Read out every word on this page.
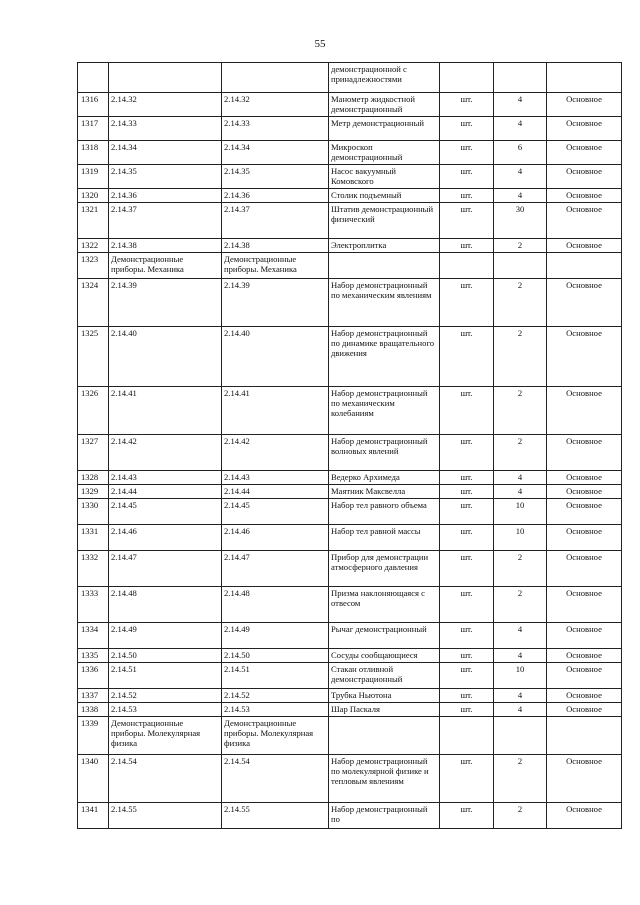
55
			демонстрационной с принадлежностями			
1316	2.14.32	2.14.32	Манометр жидкостной демонстрационный	шт.	4	Основное
1317	2.14.33	2.14.33	Метр демонстрационный	шт.	4	Основное
1318	2.14.34	2.14.34	Микроскоп демонстрационный	шт.	6	Основное
1319	2.14.35	2.14.35	Насос вакуумный Комовского	шт.	4	Основное
1320	2.14.36	2.14.36	Столик подъемный	шт.	4	Основное
1321	2.14.37	2.14.37	Штатив демонстрационный физический	шт.	30	Основное
1322	2.14.38	2.14.38	Электроплитка	шт.	2	Основное
1323	Демонстрационные приборы. Механика	Демонстрационные приборы. Механика				
1324	2.14.39	2.14.39	Набор демонстрационный по механическим явлениям	шт.	2	Основное
1325	2.14.40	2.14.40	Набор демонстрационный по динамике вращательного движения	шт.	2	Основное
1326	2.14.41	2.14.41	Набор демонстрационный по механическим колебаниям	шт.	2	Основное
1327	2.14.42	2.14.42	Набор демонстрационный волновых явлений	шт.	2	Основное
1328	2.14.43	2.14.43	Ведерко Архимеда	шт.	4	Основное
1329	2.14.44	2.14.44	Маятник Максвелла	шт.	4	Основное
1330	2.14.45	2.14.45	Набор тел равного объема	шт.	10	Основное
1331	2.14.46	2.14.46	Набор тел равной массы	шт.	10	Основное
1332	2.14.47	2.14.47	Прибор для демонстрации атмосферного давления	шт.	2	Основное
1333	2.14.48	2.14.48	Призма наклоняющаяся с отвесом	шт.	2	Основное
1334	2.14.49	2.14.49	Рычаг демонстрационный	шт.	4	Основное
1335	2.14.50	2.14.50	Сосуды сообщающиеся	шт.	4	Основное
1336	2.14.51	2.14.51	Стакан отливной демонстрационный	шт.	10	Основное
1337	2.14.52	2.14.52	Трубка Ньютона	шт.	4	Основное
1338	2.14.53	2.14.53	Шар Паскаля	шт.	4	Основное
1339	Демонстрационные приборы. Молекулярная физика	Демонстрационные приборы. Молекулярная физика				
1340	2.14.54	2.14.54	Набор демонстрационный по молекулярной физике и тепловым явлениям	шт.	2	Основное
1341	2.14.55	2.14.55	Набор демонстрационный по	шт.	2	Основное
